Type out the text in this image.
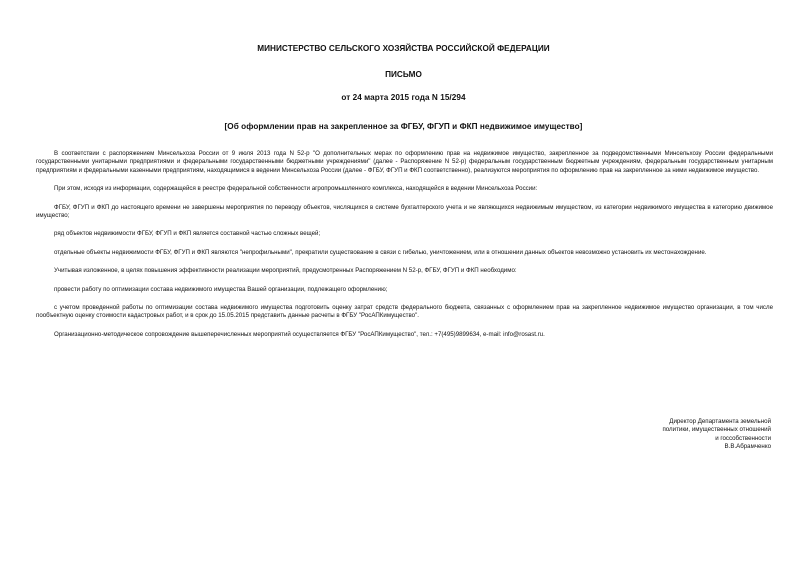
МИНИСТЕРСТВО СЕЛЬСКОГО ХОЗЯЙСТВА РОССИЙСКОЙ ФЕДЕРАЦИИ
ПИСЬМО
от 24 марта 2015 года N 15/294
[Об оформлении прав на закрепленное за ФГБУ, ФГУП и ФКП недвижимое имущество]

В соответствии с распоряжением Минсельхоза России от 9 июля 2013 года N 52-р "О дополнительных мерах по оформлению прав на недвижимое имущество, закрепленное за подведомственными Минсельхозу России федеральными государственными унитарными предприятиями и федеральными государственными бюджетными учреждениями" (далее - Распоряжение N 52-р) федеральным государственным бюджетным учреждениям, федеральным государственным унитарным предприятиям и федеральными казенными предприятиям, находящимися в ведении Минсельхоза России (далее - ФГБУ, ФГУП и ФКП соответственно), реализуются мероприятия по оформлению прав на закрепленное за ними недвижимое имущество.

При этом, исходя из информации, содержащейся в реестре федеральной собственности агропромышленного комплекса, находящейся в ведении Минсельхоза России:

ФГБУ, ФГУП и ФКП до настоящего времени не завершены мероприятия по переводу объектов, числящихся в системе бухгалтерского учета и не являющихся недвижимым имуществом, из категории недвижимого имущества в категорию движимое имущество;

ряд объектов недвижимости ФГБУ, ФГУП и ФКП является составной частью сложных вещей;

отдельные объекты недвижимости ФГБУ, ФГУП и ФКП являются "непрофильными", прекратили существование в связи с гибелью, уничтожением, или в отношении данных объектов невозможно установить их местонахождение.

Учитывая изложенное, в целях повышения эффективности реализации мероприятий, предусмотренных Распоряжением N 52-р, ФГБУ, ФГУП и ФКП необходимо:

провести работу по оптимизации состава недвижимого имущества Вашей организации, подлежащего оформлению;

с учетом проведенной работы по оптимизации состава недвижимого имущества подготовить оценку затрат средств федерального бюджета, связанных с оформлением прав на закрепленное недвижимое имущество организации, в том числе пообъектную оценку стоимости кадастровых работ, и в срок до 15.05.2015 представить данные расчеты в ФГБУ "РосАПКимущество".

Организационно-методическое сопровождение вышеперечисленных мероприятий осуществляется ФГБУ "РосАПКимущество", тел.: +7(495)9899634, e-mail: info@rosast.ru.

Директор Департамента земельной
политики, имущественных отношений
и госсобственности
В.В.Абрамченко
